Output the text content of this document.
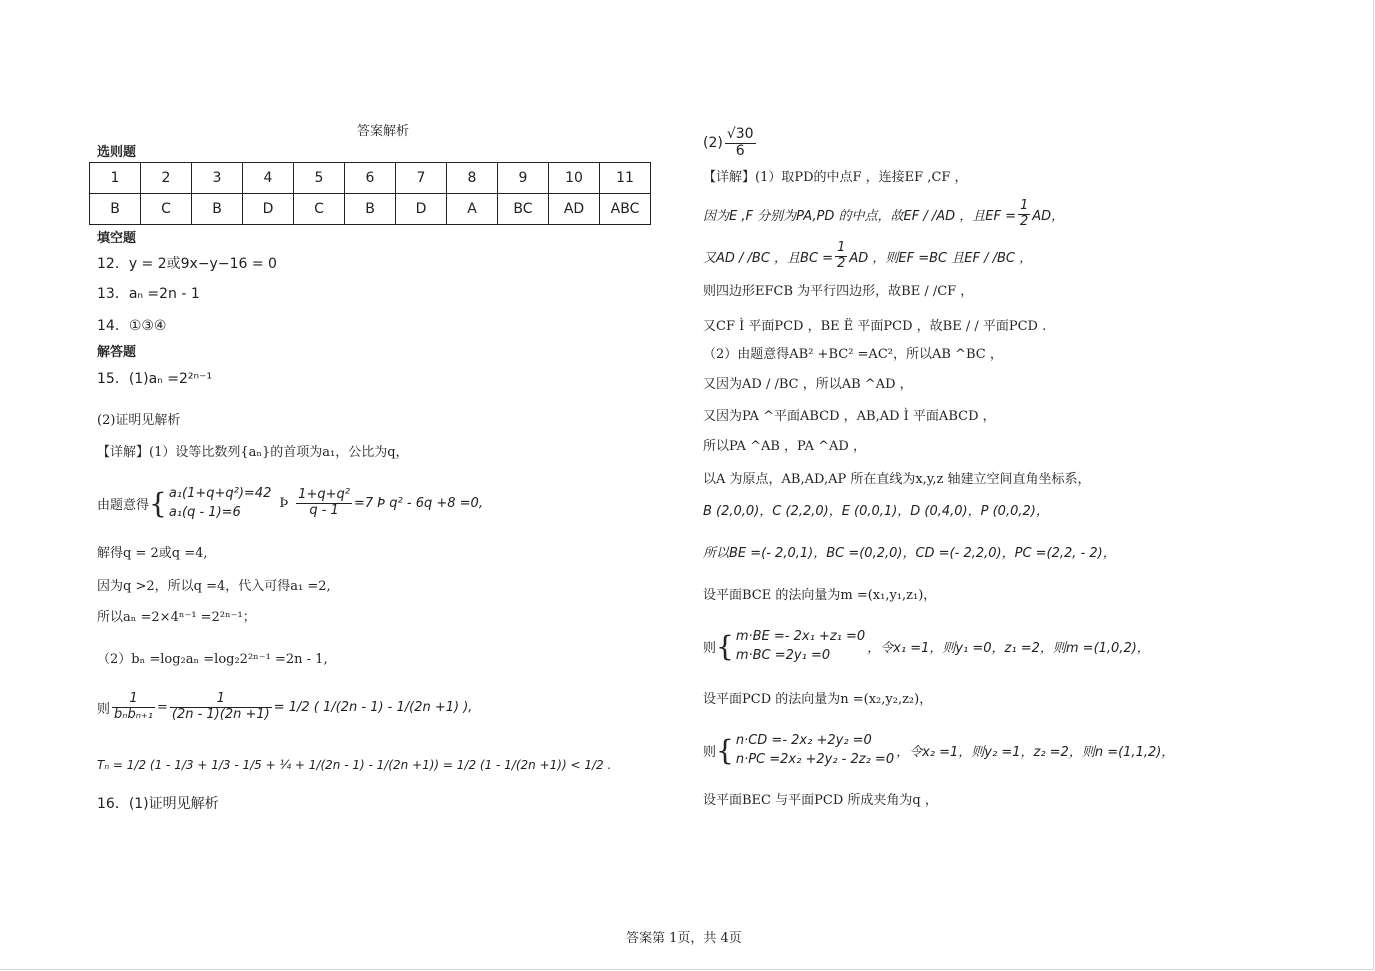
答案解析
选则题
1	2	3	4	5	6	7	8	9	10	11
B	C	B	D	C	B	D	A	BC	AD	ABC
填空题
12．y = 2或9x−y−16 = 0
13．aₙ =2n - 1
14．①③④
解答题
15．(1)aₙ =2²ⁿ⁻¹
(2)证明见解析
【详解】(1）设等比数列{aₙ}的首项为a₁，公比为q，
由题意得 { a₁(1+q+q²)=42
a₁(q - 1)=6
Þ $\frac{\text{1+q+q²}}{q - 1} =7$ Þ q² - 6q +8 =0,
解得q = 2或q =4,
因为q >2，所以q =4，代入可得a₁ =2,
所以aₙ =2×4ⁿ⁻¹ =2²ⁿ⁻¹；
（2）bₙ =log₂aₙ =log₂2²ⁿ⁻¹ =2n - 1,
则 $\frac{1}{\text{bₙbₙ₊₁}} = \frac{1}{(2n - 1)(2n +1)} = 1/2$ ( 1/(2n - 1) - 1/(2n +1) ),
Tₙ = 1/2 (1 - 1/3 + 1/3 - 1/5 + ¼ + 1/(2n - 1) - 1/(2n +1)) = 1/2 (1 - 1/(2n +1)) < 1/2 .
16．(1)证明见解析
$(2) \frac{√30}{6}$
【详解】(1）取PD的中点F ，连接EF ,CF ，
因为E ,F 分别为PA,PD 的中点，故EF / /AD ，且EF = $\frac{1}{2}$ AD，
又AD / /BC ，且BC = $\frac{1}{2}$ AD ，则EF =BC 且EF / /BC ，
则四边形EFCB 为平行四边形，故BE / /CF ，
又CF Ì 平面PCD ，BE Ë 平面PCD ，故BE / / 平面PCD .
（2）由题意得AB² +BC² =AC²，所以AB ^BC ，
又因为AD / /BC ，所以AB ^AD ，
又因为PA ^平面ABCD ，AB,AD Ì 平面ABCD ，
所以PA ^AB ，PA ^AD ，
以A 为原点，AB,AD,AP 所在直线为x,y,z 轴建立空间直角坐标系，
B (2,0,0)，C (2,2,0)，E (0,0,1)，D (0,4,0)，P (0,0,2)，
所以BE =(- 2,0,1)，BC =(0,2,0)，CD =(- 2,2,0)，PC =(2,2, - 2)，
设平面BCE 的法向量为m =(x₁,y₁,z₁)，
则 { m·BE =- 2x₁ +z₁ =0
m·BC =2y₁ =0	，令x₁ =1，则y₁ =0，z₁ =2，则m =(1,0,2)，
设平面PCD 的法向量为n =(x₂,y₂,z₂)，
则 { n·CD =- 2x₂ +2y₂ =0
n·PC =2x₂ +2y₂ - 2z₂ =0 ，令x₂ =1，则y₂ =1，z₂ =2，则n =(1,1,2)，
设平面BEC 与平面PCD 所成夹角为q ，
答案第 1页，共 4页
